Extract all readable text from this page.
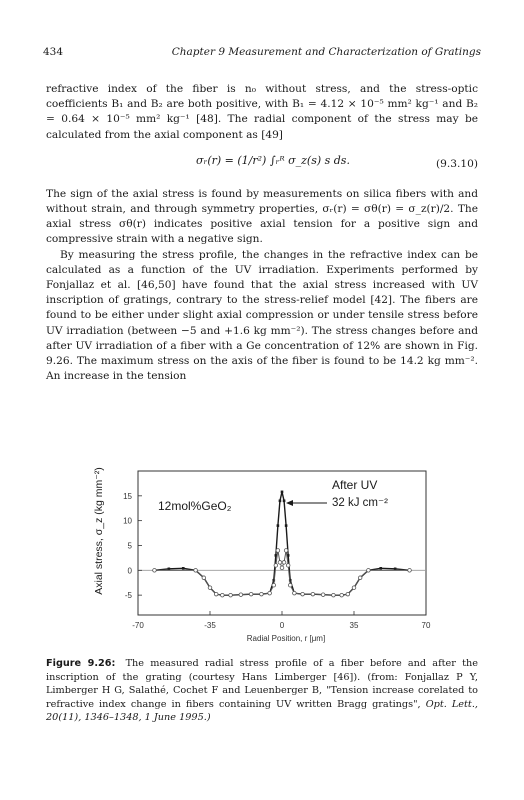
434	Chapter 9 Measurement and Characterization of Gratings

refractive index of the fiber is n₀ without stress, and the stress-optic coefficients B₁ and B₂ are both positive, with B₁ = 4.12 × 10⁻⁵ mm² kg⁻¹ and B₂ = 0.64 × 10⁻⁵ mm² kg⁻¹ [48]. The radial component of the stress may be calculated from the axial component as [49]

σᵣ(r) = (1/r²) ∫ᵣᴿ σ_z(s) s ds.	(9.3.10)

The sign of the axial stress is found by measurements on silica fibers with and without strain, and through symmetry properties, σᵣ(r) = σθ(r) = σ_z(r)/2. The axial stress σθ(r) indicates positive axial tension for a positive sign and compressive strain with a negative sign.

By measuring the stress profile, the changes in the refractive index can be calculated as a function of the UV irradiation. Experiments performed by Fonjallaz et al. [46,50] have found that the axial stress increased with UV inscription of gratings, contrary to the stress-relief model [42]. The fibers are found to be either under slight axial compression or under tensile stress before UV irradiation (between −5 and +1.6 kg mm⁻²). The stress changes before and after UV irradiation of a fiber with a Ge concentration of 12% are shown in Fig. 9.26. The maximum stress on the axis of the fiber is found to be 14.2 kg mm⁻². An increase in the tension

-5
0
5
10
15
-70	-35	0	35	70
12mol%GeO₂
After UV
32 kJ cm⁻²
Axial stress, σ_z (kg mm⁻²)
Radial Position, r [μm]
Figure 9.26: The measured radial stress profile of a fiber before and after the inscription of the grating (courtesy Hans Limberger [46]). (from: Fonjallaz P Y, Limberger H G, Salathé, Cochet F and Leuenberger B, "Tension increase corelated to refractive index change in fibers containing UV written Bragg gratings", Opt. Lett., 20(11), 1346–1348, 1 June 1995.)
